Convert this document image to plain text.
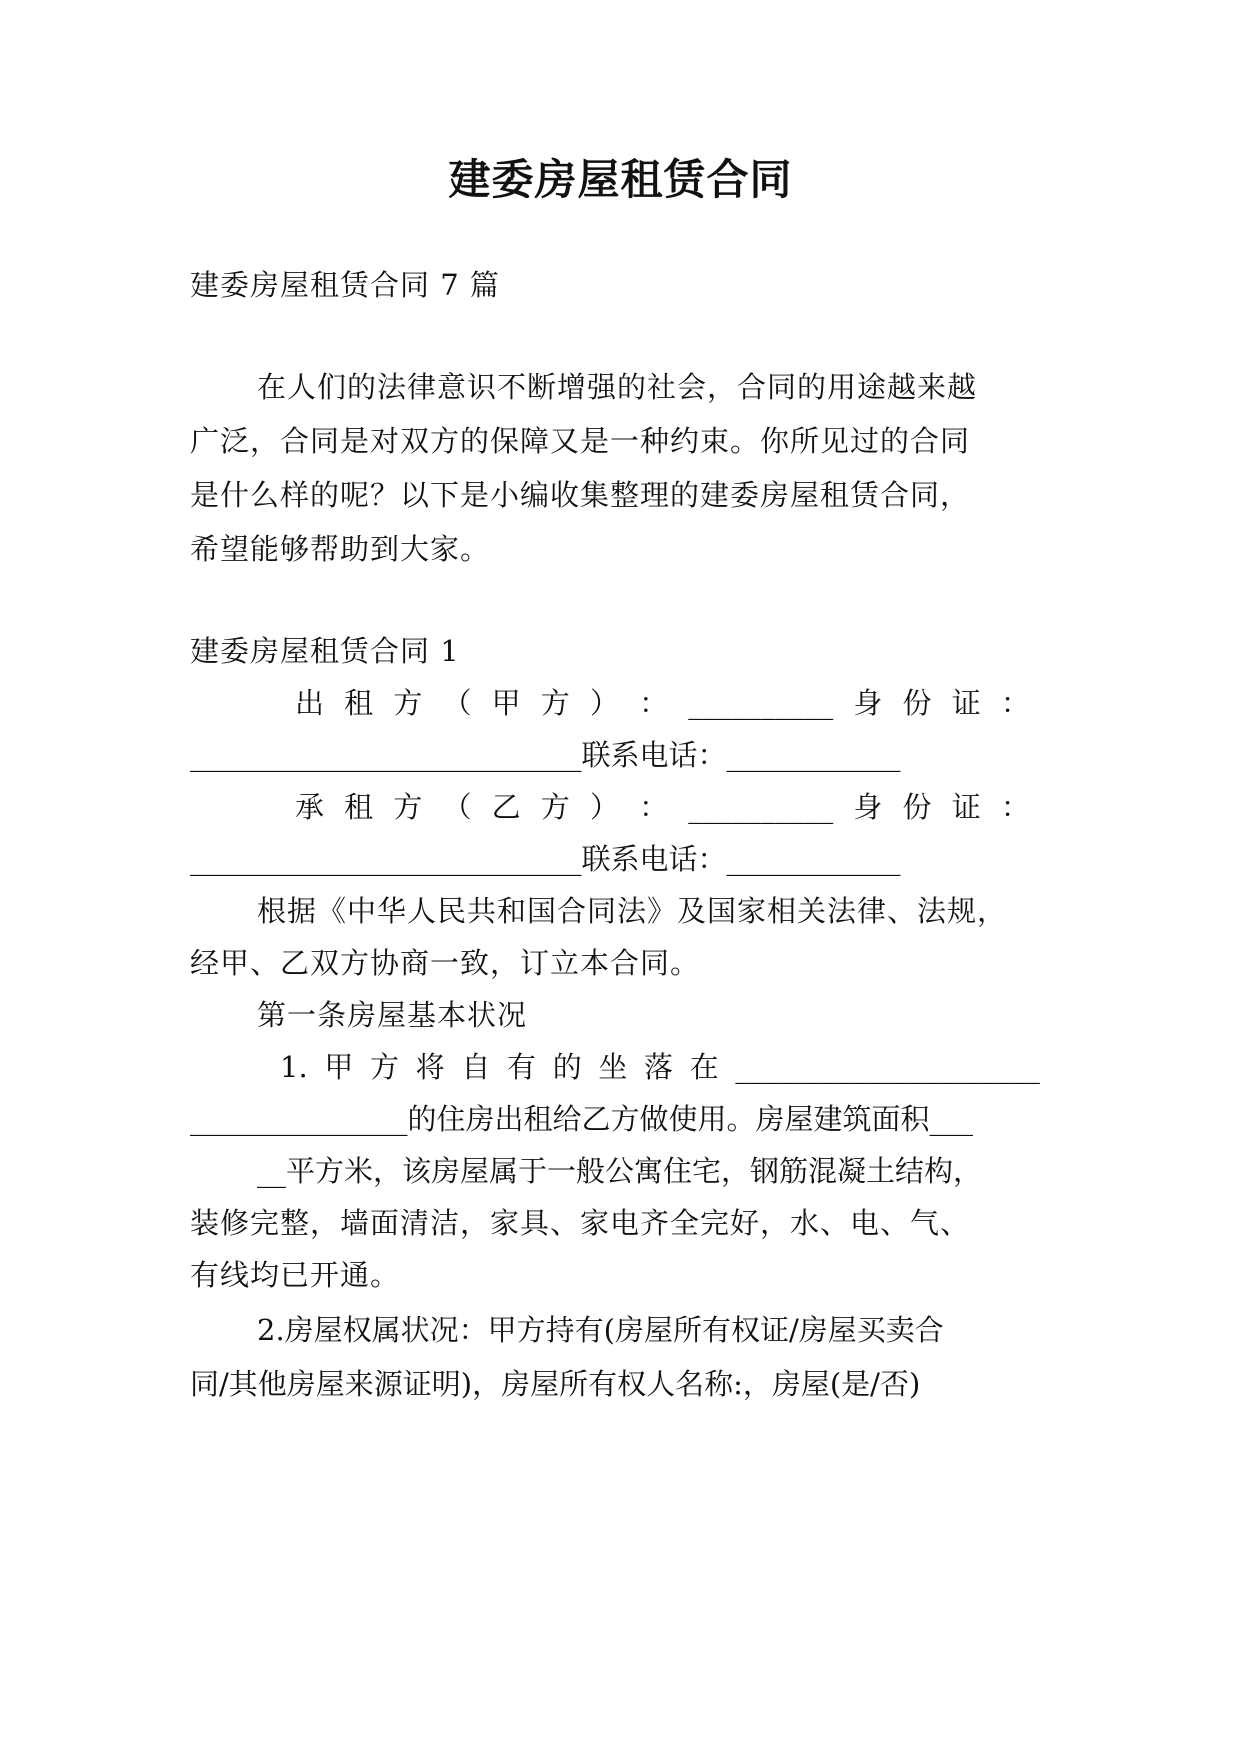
建委房屋租赁合同
建委房屋租赁合同 7 篇
在人们的法律意识不断增强的社会，合同的用途越来越
广泛，合同是对双方的保障又是一种约束。你所见过的合同
是什么样的呢？以下是小编收集整理的建委房屋租赁合同，
希望能够帮助到大家。
建委房屋租赁合同 1
出 租 方 （ 甲 方 ） ： __________ 身 份 证 ：
___________________________联系电话：____________
承 租 方 （ 乙 方 ） ： __________ 身 份 证 ：
___________________________联系电话：____________
根据《中华人民共和国合同法》及国家相关法律、法规，
经甲、乙双方协商一致，订立本合同。
第一条房屋基本状况
1. 甲 方 将 自 有 的 坐 落 在 _____________________
_______________的住房出租给乙方做使用。房屋建筑面积___
__平方米，该房屋属于一般公寓住宅，钢筋混凝土结构，
装修完整，墙面清洁，家具、家电齐全完好，水、电、气、
有线均已开通。
2.房屋权属状况：甲方持有(房屋所有权证/房屋买卖合
同/其他房屋来源证明)，房屋所有权人名称:，房屋(是/否)
